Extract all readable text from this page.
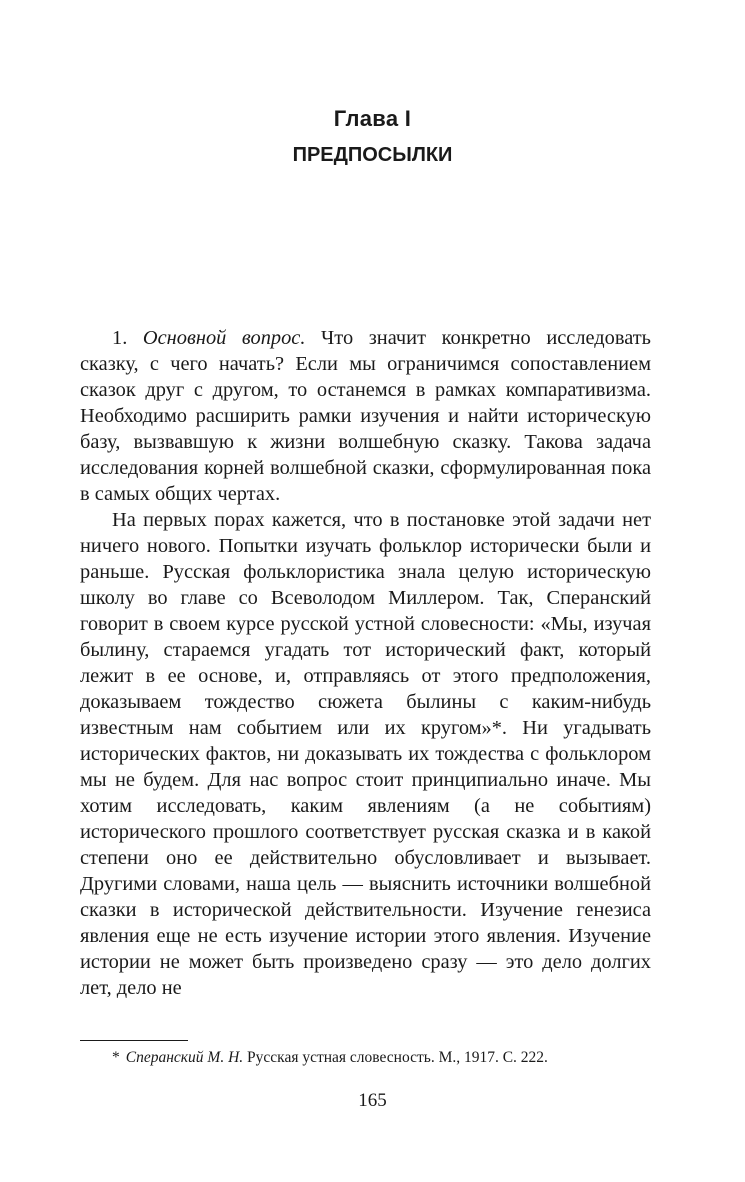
Глава I
ПРЕДПОСЫЛКИ

1. Основной вопрос. Что значит конкретно исследовать сказку, с чего начать? Если мы ограничимся сопоставлением сказок друг с другом, то останемся в рамках компаративизма. Необходимо расширить рамки изучения и найти историческую базу, вызвавшую к жизни волшебную сказку. Такова задача исследования корней волшебной сказки, сформулированная пока в самых общих чертах.

На первых порах кажется, что в постановке этой задачи нет ничего нового. Попытки изучать фольклор исторически были и раньше. Русская фольклористика знала целую историческую школу во главе со Всеволодом Миллером. Так, Сперанский говорит в своем курсе русской устной словесности: «Мы, изучая былину, стараемся угадать тот исторический факт, который лежит в ее основе, и, отправляясь от этого предположения, доказываем тождество сюжета былины с каким-нибудь известным нам событием или их кругом»*. Ни угадывать исторических фактов, ни доказывать их тождества с фольклором мы не будем. Для нас вопрос стоит принципиально иначе. Мы хотим исследовать, каким явлениям (а не событиям) исторического прошлого соответствует русская сказка и в какой степени оно ее действительно обусловливает и вызывает. Другими словами, наша цель — выяснить источники волшебной сказки в исторической действительности. Изучение генезиса явления еще не есть изучение истории этого явления. Изучение истории не может быть произведено сразу — это дело долгих лет, дело не

* Сперанский М. Н. Русская устная словесность. М., 1917. С. 222.
165
